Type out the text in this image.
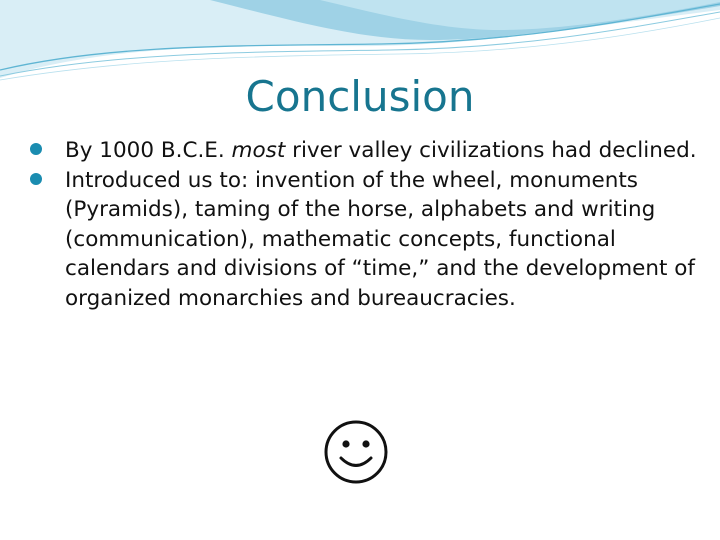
Conclusion
By 1000 B.C.E. most river valley civilizations had declined.
Introduced us to: invention of the wheel, monuments (Pyramids), taming of the horse, alphabets and writing (communication), mathematic concepts, functional calendars and divisions of “time,” and the development of organized monarchies and bureaucracies.
